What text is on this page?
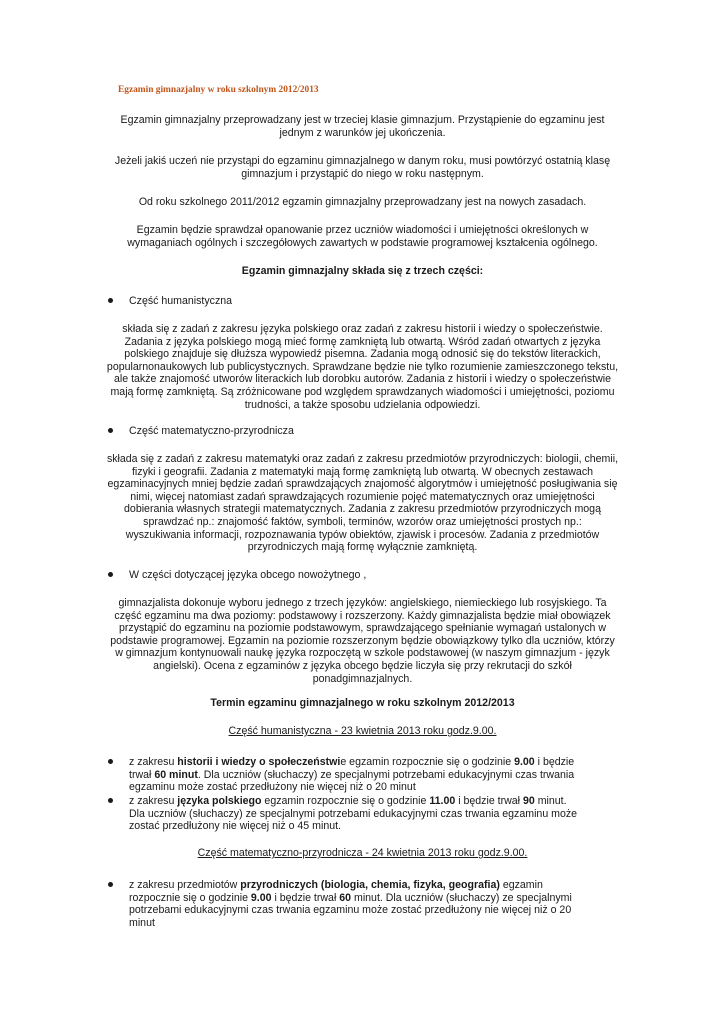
Egzamin gimnazjalny w roku szkolnym 2012/2013
Egzamin gimnazjalny przeprowadzany jest w trzeciej klasie gimnazjum. Przystąpienie do egzaminu jest
jednym z warunków jej ukończenia.
Jeżeli jakiś uczeń nie przystąpi do egzaminu gimnazjalnego w danym roku, musi powtórzyć ostatnią klasę
gimnazjum i przystąpić do niego w roku następnym.
Od roku szkolnego 2011/2012 egzamin gimnazjalny przeprowadzany jest na nowych zasadach.
Egzamin będzie sprawdzał opanowanie przez uczniów wiadomości i umiejętności określonych w
wymaganiach ogólnych i szczegółowych zawartych w podstawie programowej kształcenia ogólnego.
Egzamin gimnazjalny składa się z trzech części:
Część humanistyczna
składa się z zadań z zakresu języka polskiego oraz zadań z zakresu historii i wiedzy o społeczeństwie.
Zadania z języka polskiego mogą mieć formę zamkniętą lub otwartą. Wśród zadań otwartych z języka
polskiego znajduje się dłuższa wypowiedź pisemna. Zadania mogą odnosić się do tekstów literackich,
popularnonaukowych lub publicystycznych. Sprawdzane będzie nie tylko rozumienie zamieszczonego tekstu,
ale także znajomość utworów literackich lub dorobku autorów. Zadania z historii i wiedzy o społeczeństwie
mają formę zamkniętą. Są zróżnicowane pod względem sprawdzanych wiadomości i umiejętności, poziomu
trudności, a także sposobu udzielania odpowiedzi.
Część matematyczno-przyrodnicza
składa się z zadań z zakresu matematyki oraz zadań z zakresu przedmiotów przyrodniczych: biologii, chemii,
fizyki i geografii. Zadania z matematyki mają formę zamkniętą lub otwartą. W obecnych zestawach
egzaminacyjnych mniej będzie zadań sprawdzających znajomość algorytmów i umiejętność posługiwania się
nimi, więcej natomiast zadań sprawdzających rozumienie pojęć matematycznych oraz umiejętności
dobierania własnych strategii matematycznych. Zadania z zakresu przedmiotów przyrodniczych mogą
sprawdzać np.: znajomość faktów, symboli, terminów, wzorów oraz umiejętności prostych np.:
wyszukiwania informacji, rozpoznawania typów obiektów, zjawisk i procesów. Zadania z przedmiotów
przyrodniczych mają formę wyłącznie zamkniętą.
W części dotyczącej języka obcego nowożytnego ,
gimnazjalista dokonuje wyboru jednego z trzech języków: angielskiego, niemieckiego lub rosyjskiego. Ta
część egzaminu ma dwa poziomy: podstawowy i rozszerzony. Każdy gimnazjalista będzie miał obowiązek
przystąpić do egzaminu na poziomie podstawowym, sprawdzającego spełnianie wymagań ustalonych w
podstawie programowej. Egzamin na poziomie rozszerzonym będzie obowiązkowy tylko dla uczniów, którzy
w gimnazjum kontynuowali naukę języka rozpoczętą w szkole podstawowej (w naszym gimnazjum - język
angielski). Ocena z egzaminów z języka obcego będzie liczyła się przy rekrutacji do szkół
ponadgimnazjalnych.
Termin egzaminu gimnazjalnego w roku szkolnym 2012/2013
Część humanistyczna - 23 kwietnia 2013 roku godz.9.00.
z zakresu historii i wiedzy o społeczeństwie egzamin rozpocznie się o godzinie 9.00 i będzie
trwał 60 minut. Dla uczniów (słuchaczy) ze specjalnymi potrzebami edukacyjnymi czas trwania
egzaminu może zostać przedłużony nie więcej niż o 20 minut
z zakresu języka polskiego egzamin rozpocznie się o godzinie 11.00 i będzie trwał 90 minut.
Dla uczniów (słuchaczy) ze specjalnymi potrzebami edukacyjnymi czas trwania egzaminu może
zostać przedłużony nie więcej niż o 45 minut.
Część matematyczno-przyrodnicza - 24 kwietnia 2013 roku godz.9.00.
z zakresu przedmiotów przyrodniczych (biologia, chemia, fizyka, geografia) egzamin
rozpocznie się o godzinie 9.00 i będzie trwał 60 minut. Dla uczniów (słuchaczy) ze specjalnymi
potrzebami edukacyjnymi czas trwania egzaminu może zostać przedłużony nie więcej niż o 20
minut
